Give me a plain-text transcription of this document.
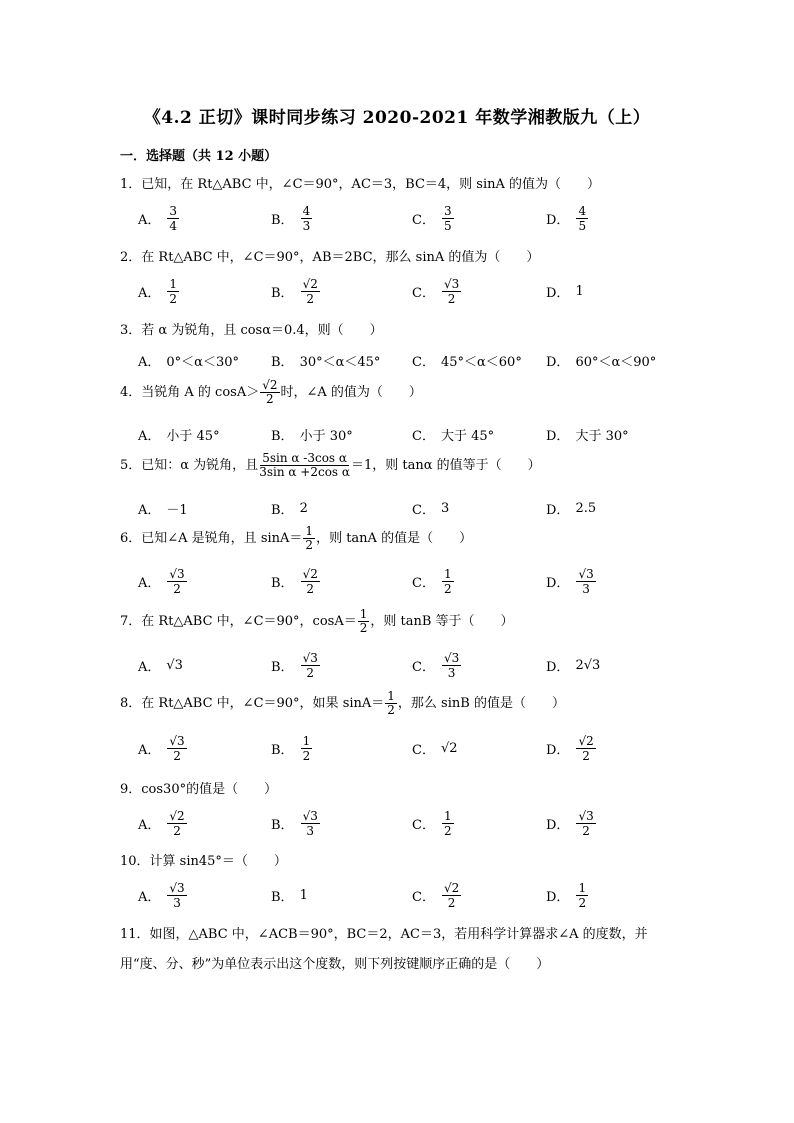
《4.2 正切》课时同步练习 2020-2021 年数学湘教版九（上）
一．选择题（共 12 小题）
1．已知，在 Rt△ABC 中，∠C＝90°，AC＝3，BC＝4，则 sinA 的值为（　　）
A． $\frac{3}{4}$	B． $\frac{4}{3}$	C． $\frac{3}{5}$	D． $\frac{4}{5}$
2．在 Rt△ABC 中，∠C＝90°，AB＝2BC，那么 sinA 的值为（　　）
A． $\frac{1}{2}$	B． $\frac{√2}{2}$	C． $\frac{√3}{2}$	D． 1
3．若 α 为锐角，且 cosα＝0.4，则（　　）
A． 0°＜α＜30° B． 30°＜α＜45° C． 45°＜α＜60° D． 60°＜α＜90°
4．当锐角 A 的 $\cos A> \frac{√2}{2}$ 时，∠A 的值为（　　）
A． 小于 45°	B． 小于 30°	C． 大于 45°	D． 大于 30°
5．已知：α 为锐角，且 $\frac{\text{5sin α -3cos α}}{\text{3sin α +2cos α}} =1$，则 tanα 的值等于（　　）
A． －1	B． 2	C． 3	D． 2.5
6．已知∠A 是锐角，且 $\sin A= \frac{1}{2}$ ，则 tanA 的值是（　　）
A． $\frac{√3}{2}$	B． $\frac{√2}{2}$	C． $\frac{1}{2}$	D． $\frac{√3}{3}$
7．在 Rt△ABC 中，∠C＝90°，$\cos A= \frac{1}{2}$ ，则 tanB 等于（　　）
A． √3	B． $\frac{√3}{2}$	C． $\frac{√3}{3}$	D． 2√3
8．在 Rt△ABC 中，∠C＝90°，如果 $\sin A= \frac{1}{2}$ ，那么 sinB 的值是（　　）
A． $\frac{√3}{2}$	B． $\frac{1}{2}$	C． √2	D． $\frac{√2}{2}$
9．cos30°的值是（　　）
A． $\frac{√2}{2}$	B． $\frac{√3}{3}$	C． $\frac{1}{2}$	D． $\frac{√3}{2}$
10．计算 sin45°＝（　　）
A． $\frac{√3}{3}$	B． 1	C． $\frac{√2}{2}$	D． $\frac{1}{2}$
11．如图，△ABC 中，∠ACB＝90°，BC＝2，AC＝3，若用科学计算器求∠A 的度数，并
用“度、分、秒”为单位表示出这个度数，则下列按键顺序正确的是（　　）
